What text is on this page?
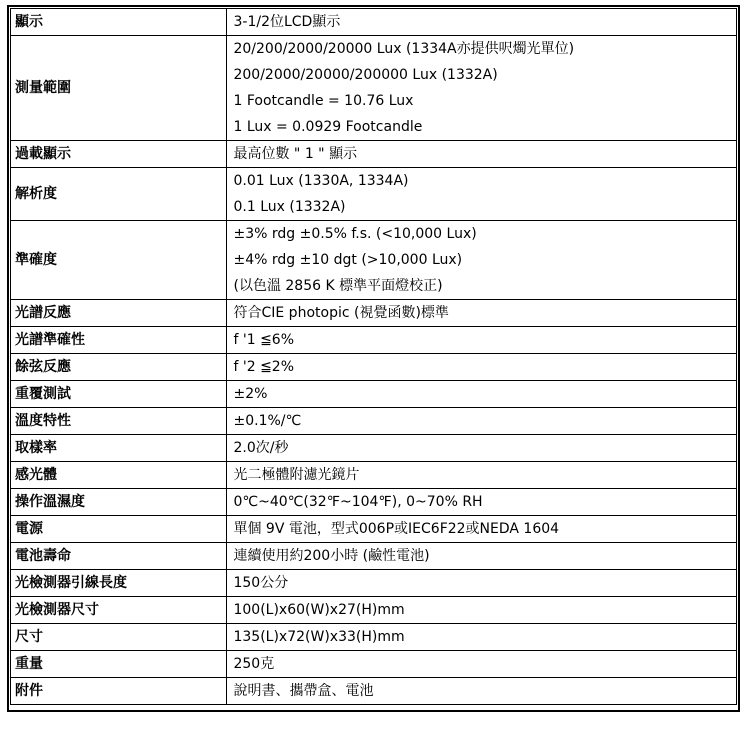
顯示	3-1/2位LCD顯示

測量範圍	20/200/2000/20000 Lux (1334A亦提供呎燭光單位)
200/2000/20000/200000 Lux (1332A)
1 Footcandle = 10.76 Lux
1 Lux = 0.0929 Footcandle

過載顯示	最高位數 " 1 " 顯示

解析度	0.01 Lux (1330A, 1334A)
0.1 Lux (1332A)

準確度	±3% rdg ±0.5% f.s. (<10,000 Lux)
±4% rdg ±10 dgt (>10,000 Lux)
(以色溫 2856 K 標準平面燈校正)

光譜反應	符合CIE photopic (視覺函數)標準

光譜準確性	f '1 ≦6%

餘弦反應	f '2 ≦2%

重覆測試	±2%

溫度特性	±0.1%/℃

取樣率	2.0次/秒

感光體	光二極體附濾光鏡片

操作溫濕度	0℃~40℃(32℉~104℉), 0~70% RH

電源	單個 9V 電池，型式006P或IEC6F22或NEDA 1604

電池壽命	連續使用約200小時 (鹼性電池)

光檢測器引線長度	150公分

光檢測器尺寸	100(L)x60(W)x27(H)mm

尺寸	135(L)x72(W)x33(H)mm

重量	250克

附件	說明書、攜帶盒、電池
